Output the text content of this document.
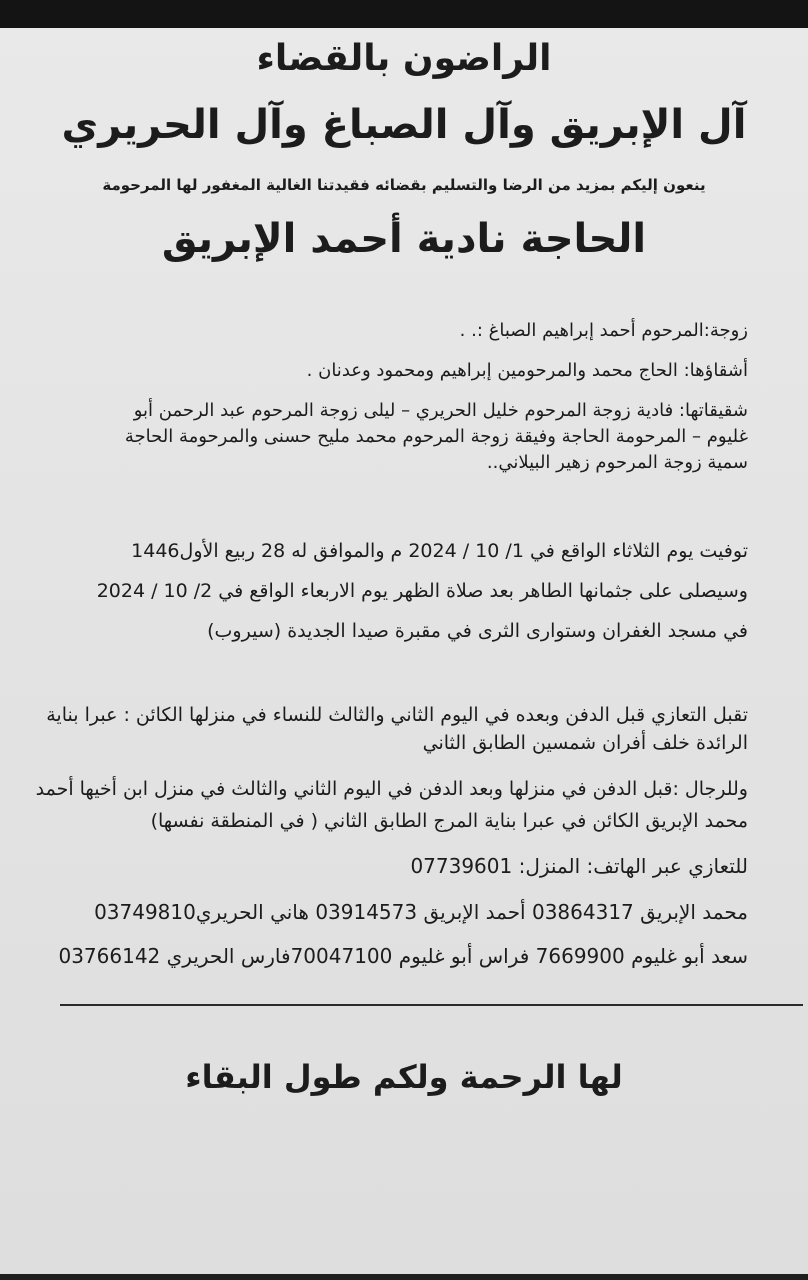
الراضون بالقضاء
آل الإبريق وآل الصباغ وآل الحريري
ينعون إليكم بمزيد من الرضا والتسليم بقضائه فقيدتنا الغالية المغفور لها المرحومة
الحاجة نادية أحمد الإبريق
زوجة:المرحوم أحمد إبراهيم الصباغ :. .
أشقاؤها: الحاج محمد والمرحومين إبراهيم ومحمود وعدنان .
شقيقاتها: فادية زوجة المرحوم خليل الحريري – ليلى زوجة المرحوم عبد الرحمن أبو
غليوم – المرحومة الحاجة وفيقة زوجة المرحوم محمد مليح حسنى والمرحومة الحاجة
سمية زوجة المرحوم زهير البيلاني..
توفيت يوم الثلاثاء الواقع في 1/ 10 / 2024 م والموافق له 28 ربيع الأول1446
وسيصلى على جثمانها الطاهر بعد صلاة الظهر يوم الاربعاء الواقع في 2/ 10 / 2024
في مسجد الغفران وستوارى الثرى في مقبرة صيدا الجديدة (سيروب)
تقبل التعازي قبل الدفن وبعده في اليوم الثاني والثالث للنساء في منزلها الكائن : عبرا بناية
الرائدة خلف أفران شمسين الطابق الثاني
وللرجال :قبل الدفن في منزلها وبعد الدفن في اليوم الثاني والثالث في منزل ابن أخيها أحمد
محمد الإبريق الكائن في عبرا بناية المرج الطابق الثاني ( في المنطقة نفسها)
للتعازي عبر الهاتف: المنزل: 07739601
محمد الإبريق 03864317 أحمد الإبريق 03914573 هاني الحريري03749810
سعد أبو غليوم 7669900 فراس أبو غليوم 70047100فارس الحريري 03766142
لها الرحمة ولكم طول البقاء
